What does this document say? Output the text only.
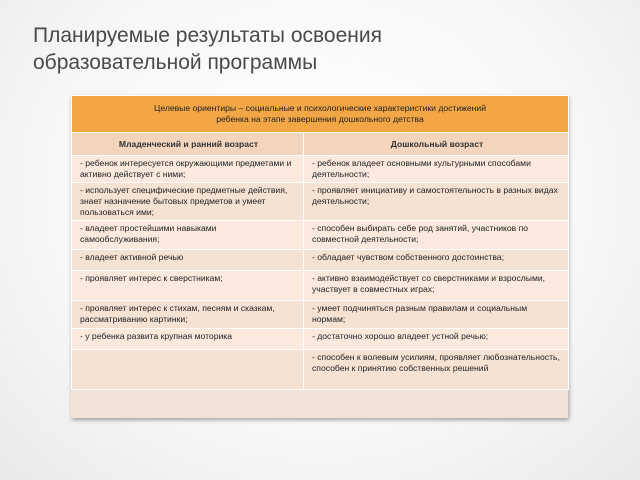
Планируемые результаты освоения
образовательной программы
Целевые ориентиры – социальные и психологические характеристики достижений
ребенка на этапе завершения дошкольного детства	

Младенческий и ранний возраст	Дошкольный возраст
- ребенок интересуется окружающими предметами и активно действует с ними;	- ребенок владеет основными культурными способами деятельности;
- использует специфические предметные действия, знает назначение бытовых предметов и умеет пользоваться ими;	- проявляет инициативу и самостоятельность в разных видах деятельности;
- владеет простейшими навыками самообслуживания;	- способен выбирать себе род занятий, участников по совместной деятельности;
- владеет активной речью	- обладает чувством собственного достоинства;
- проявляет интерес к сверстникам;	- активно взаимодействует со сверстниками и взрослыми, участвует в совместных играх;
- проявляет интерес к стихам, песням и сказкам, рассматриванию картинки;	- умеет подчиняться разным правилам и социальным нормам;
- у ребенка развита крупная моторика	- достаточно хорошо владеет устной речью;
	- способен к волевым усилиям, проявляет любознательность, способен к принятию собственных решений
